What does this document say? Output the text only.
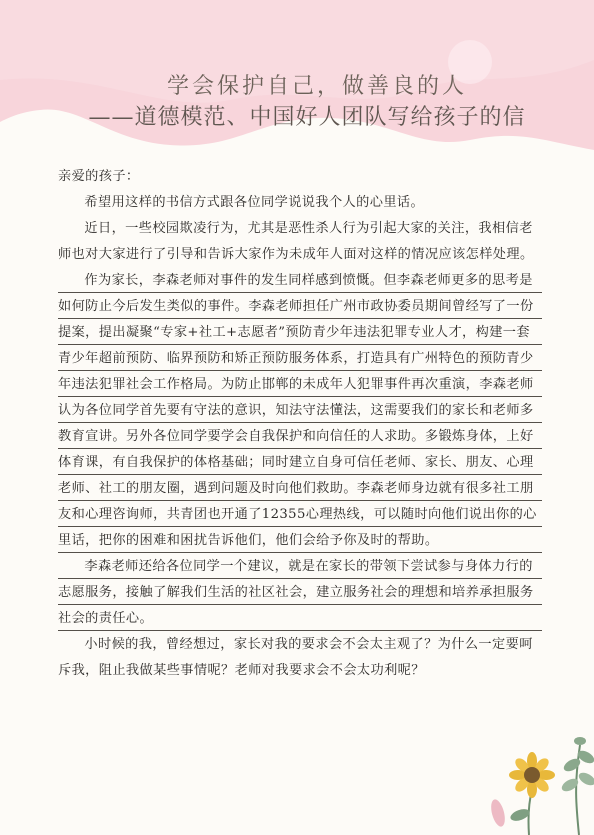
学会保护自己，做善良的人
——道德模范、中国好人团队写给孩子的信

亲爱的孩子：

希望用这样的书信方式跟各位同学说说我个人的心里话。

近日，一些校园欺凌行为，尤其是恶性杀人行为引起大家的关注，我相信老师也对大家进行了引导和告诉大家作为未成年人面对这样的情况应该怎样处理。

作为家长，李森老师对事件的发生同样感到愤慨。但李森老师更多的思考是如何防止今后发生类似的事件。李森老师担任广州市政协委员期间曾经写了一份提案，提出凝聚“专家+社工+志愿者”预防青少年违法犯罪专业人才，构建一套青少年超前预防、临界预防和矫正预防服务体系，打造具有广州特色的预防青少年违法犯罪社会工作格局。为防止邯郸的未成年人犯罪事件再次重演，李森老师认为各位同学首先要有守法的意识，知法守法懂法，这需要我们的家长和老师多教育宣讲。另外各位同学要学会自我保护和向信任的人求助。多锻炼身体，上好体育课，有自我保护的体格基础；同时建立自身可信任老师、家长、朋友、心理老师、社工的朋友圈，遇到问题及时向他们救助。李森老师身边就有很多社工朋友和心理咨询师，共青团也开通了12355心理热线，可以随时向他们说出你的心里话，把你的困难和困扰告诉他们，他们会给予你及时的帮助。

李森老师还给各位同学一个建议，就是在家长的带领下尝试参与身体力行的志愿服务，接触了解我们生活的社区社会，建立服务社会的理想和培养承担服务社会的责任心。

小时候的我，曾经想过，家长对我的要求会不会太主观了？为什么一定要呵斥我，阻止我做某些事情呢？老师对我要求会不会太功利呢？
